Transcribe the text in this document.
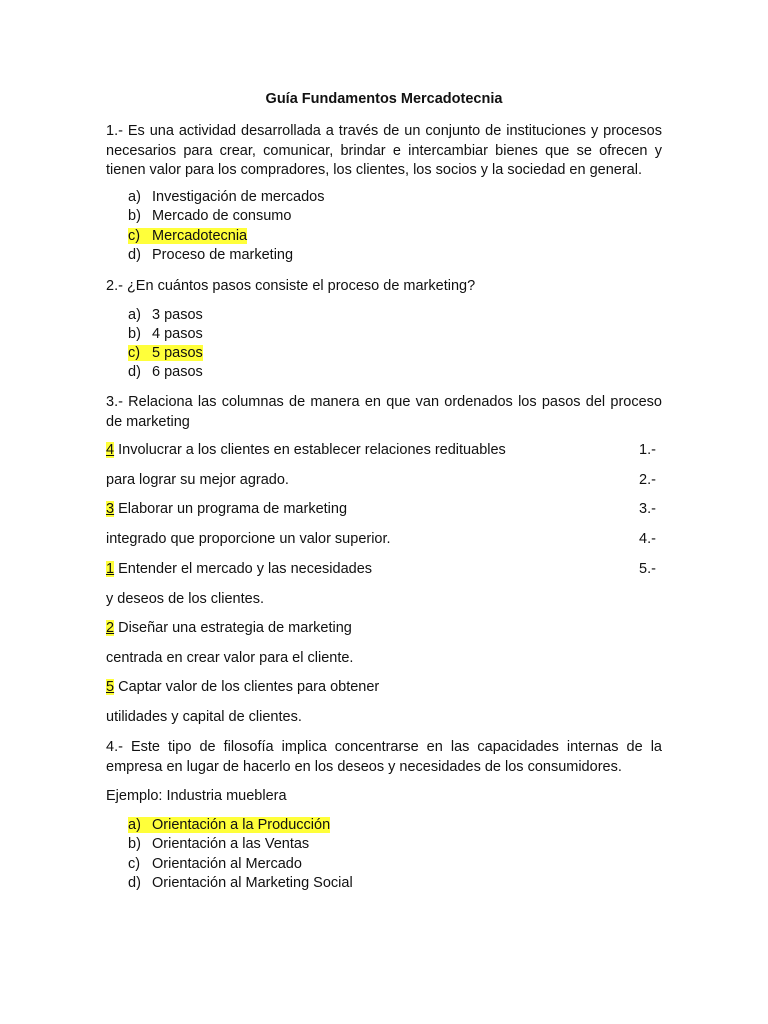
Guía Fundamentos Mercadotecnia
1.- Es una actividad desarrollada a través de un conjunto de instituciones y procesos necesarios para crear, comunicar, brindar e intercambiar bienes que se ofrecen y tienen valor para los compradores, los clientes, los socios y la sociedad en general.
a) Investigación de mercados
b) Mercado de consumo
c) Mercadotecnia
d) Proceso de marketing
2.- ¿En cuántos pasos consiste el proceso de marketing?
a) 3 pasos
b) 4 pasos
c) 5 pasos
d) 6 pasos
3.- Relaciona las columnas de manera en que van ordenados los pasos del proceso de marketing
4 Involucrar a los clientes en establecer relaciones redituables
para lograr su mejor agrado.
3 Elaborar un programa de marketing
integrado que proporcione un valor superior.
1 Entender el mercado y las necesidades
y deseos de los clientes.
2 Diseñar una estrategia de marketing
centrada en crear valor para el cliente.
5 Captar valor de los clientes para obtener
utilidades y capital de clientes.
1.-
2.-
3.-
4.-
5.-
4.- Este tipo de filosofía implica concentrarse en las capacidades internas de la empresa en lugar de hacerlo en los deseos y necesidades de los consumidores.
Ejemplo: Industria mueblera
a) Orientación a la Producción
b) Orientación a las Ventas
c) Orientación al Mercado
d) Orientación al Marketing Social
